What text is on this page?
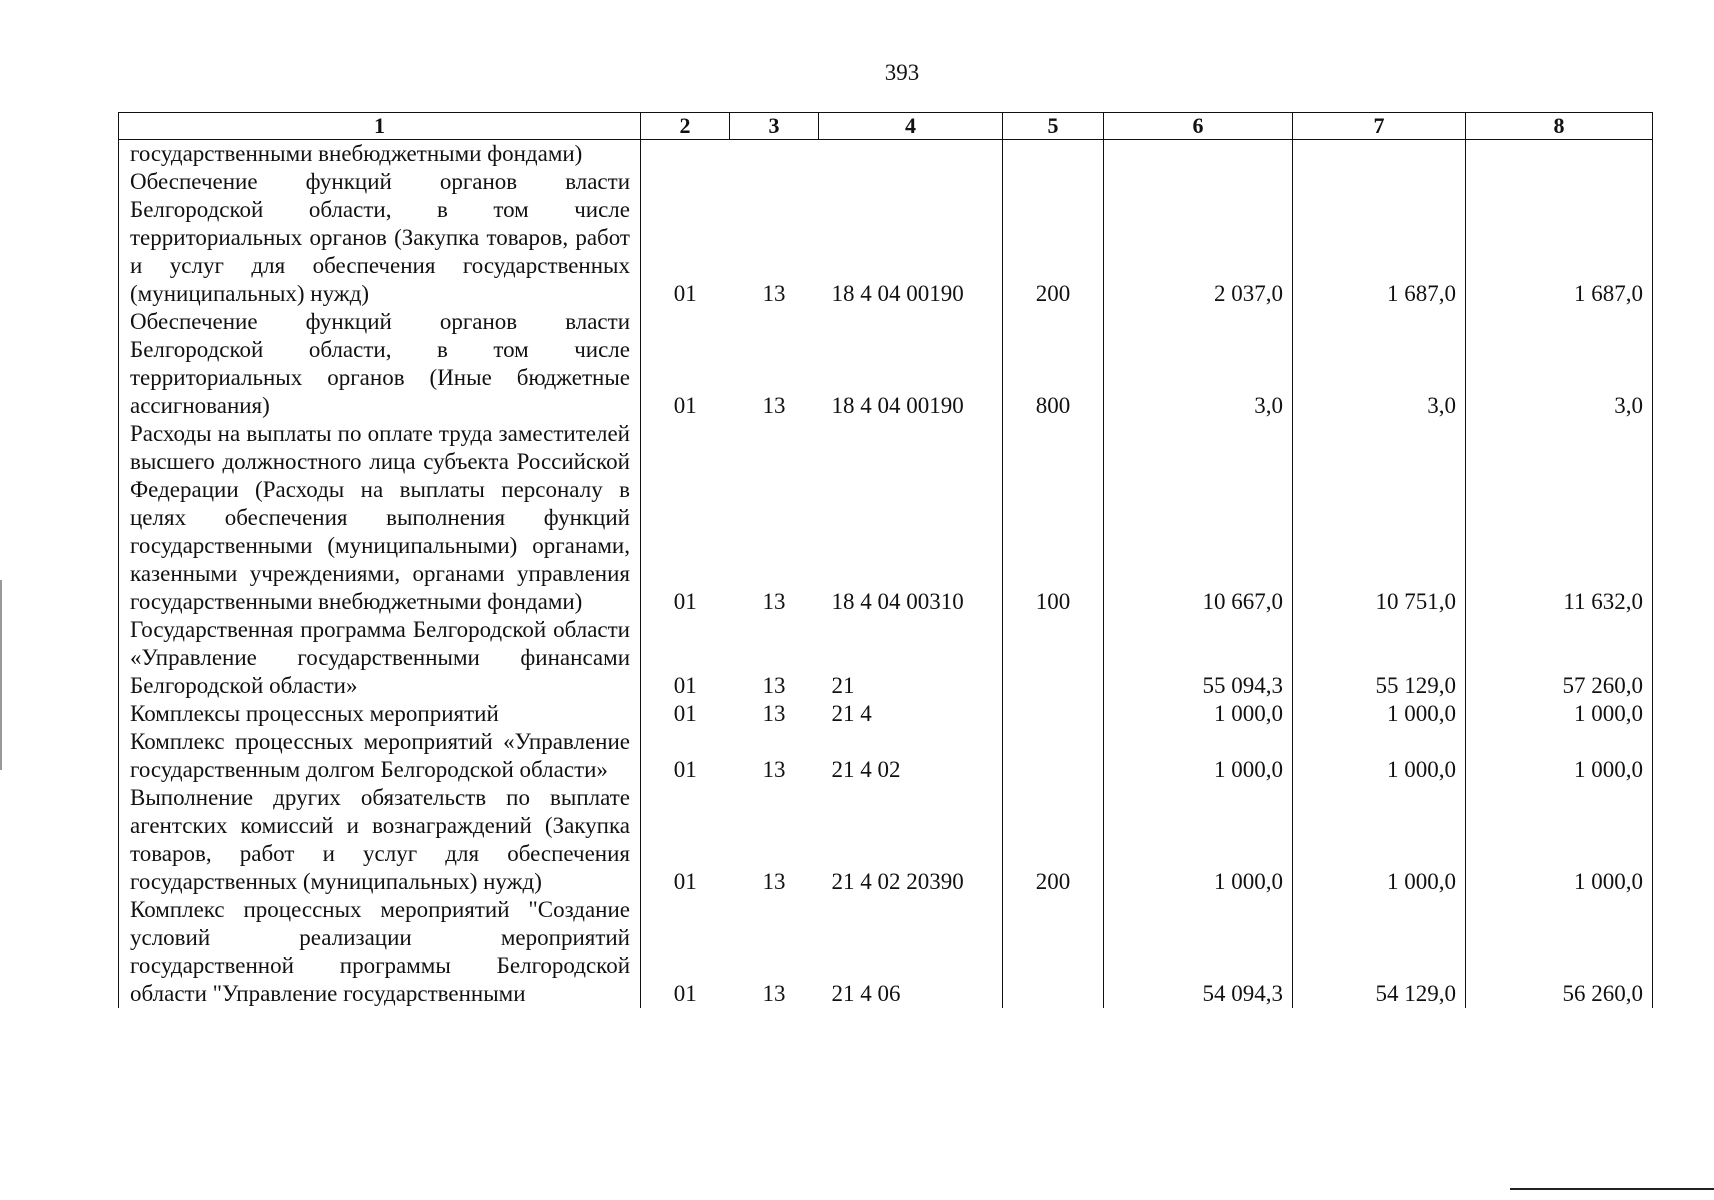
393
1	2	3	4	5	6	7	8
государственными внебюджетными фондами)							
Обеспечение функций органов власти Белгородской области, в том числе территориальных органов (Закупка товаров, работ и услуг для обеспечения государственных (муниципальных) нужд)	01	13	18 4 04 00190	200	2 037,0	1 687,0	1 687,0
Обеспечение функций органов власти Белгородской области, в том числе территориальных органов (Иные бюджетные ассигнования)	01	13	18 4 04 00190	800	3,0	3,0	3,0
Расходы на выплаты по оплате труда заместителей высшего должностного лица субъекта Российской Федерации (Расходы на выплаты персоналу в целях обеспечения выполнения функций государственными (муниципальными) органами, казенными учреждениями, органами управления государственными внебюджетными фондами)	01	13	18 4 04 00310	100	10 667,0	10 751,0	11 632,0
Государственная программа Белгородской области «Управление государственными финансами Белгородской области»	01	13	21		55 094,3	55 129,0	57 260,0
Комплексы процессных мероприятий	01	13	21 4		1 000,0	1 000,0	1 000,0
Комплекс процессных мероприятий «Управление государственным долгом Белгородской области»	01	13	21 4 02		1 000,0	1 000,0	1 000,0
Выполнение других обязательств по выплате агентских комиссий и вознаграждений (Закупка товаров, работ и услуг для обеспечения государственных (муниципальных) нужд)	01	13	21 4 02 20390	200	1 000,0	1 000,0	1 000,0
Комплекс процессных мероприятий "Создание условий реализации мероприятий государственной программы Белгородской области "Управление государственными	01	13	21 4 06		54 094,3	54 129,0	56 260,0
